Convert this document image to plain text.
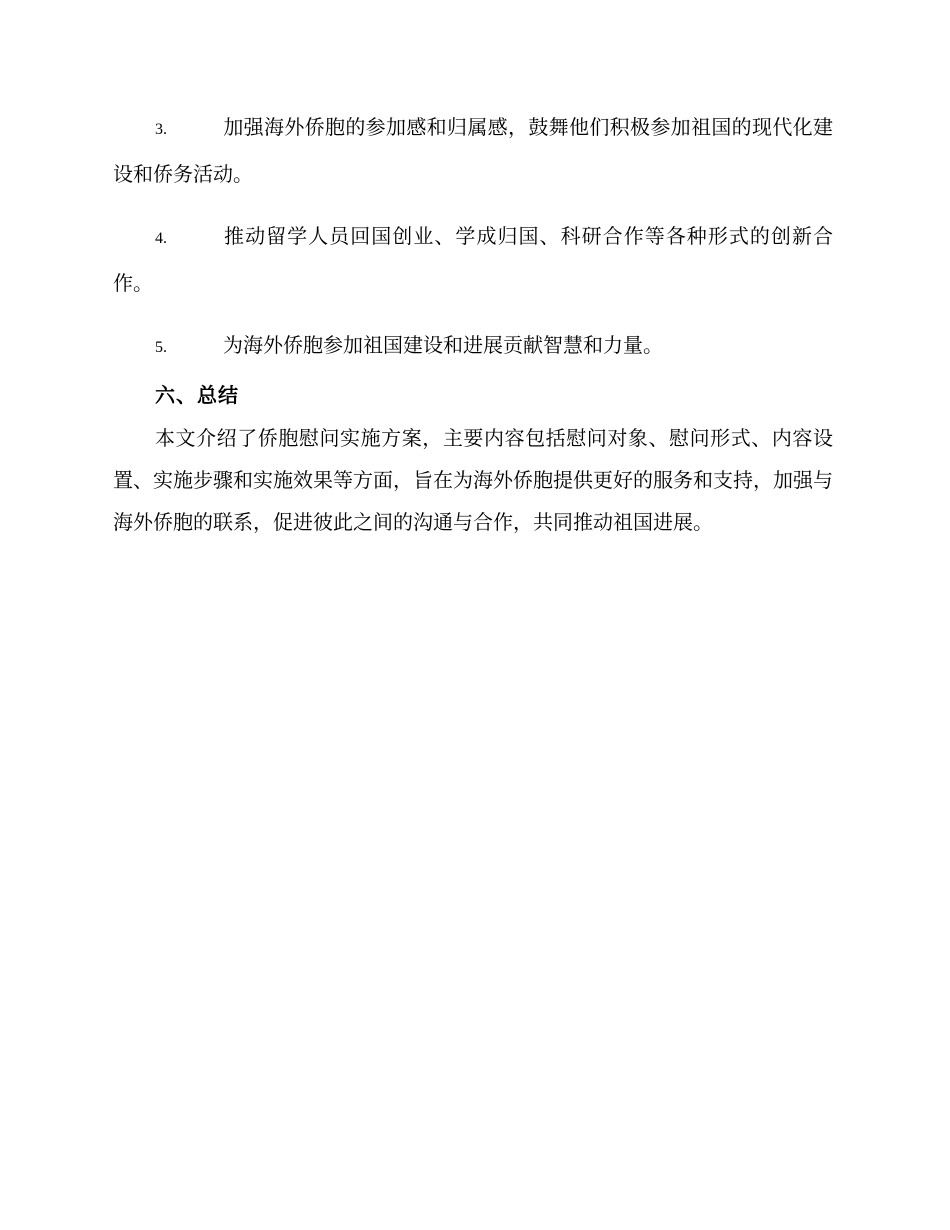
3.	加强海外侨胞的参加感和归属感，鼓舞他们积极参加祖国的现代化建设和侨务活动。

4.	推动留学人员回国创业、学成归国、科研合作等各种形式的创新合作。

5.	为海外侨胞参加祖国建设和进展贡献智慧和力量。

六、总结

本文介绍了侨胞慰问实施方案，主要内容包括慰问对象、慰问形式、内容设置、实施步骤和实施效果等方面，旨在为海外侨胞提供更好的服务和支持，加强与海外侨胞的联系，促进彼此之间的沟通与合作，共同推动祖国进展。
